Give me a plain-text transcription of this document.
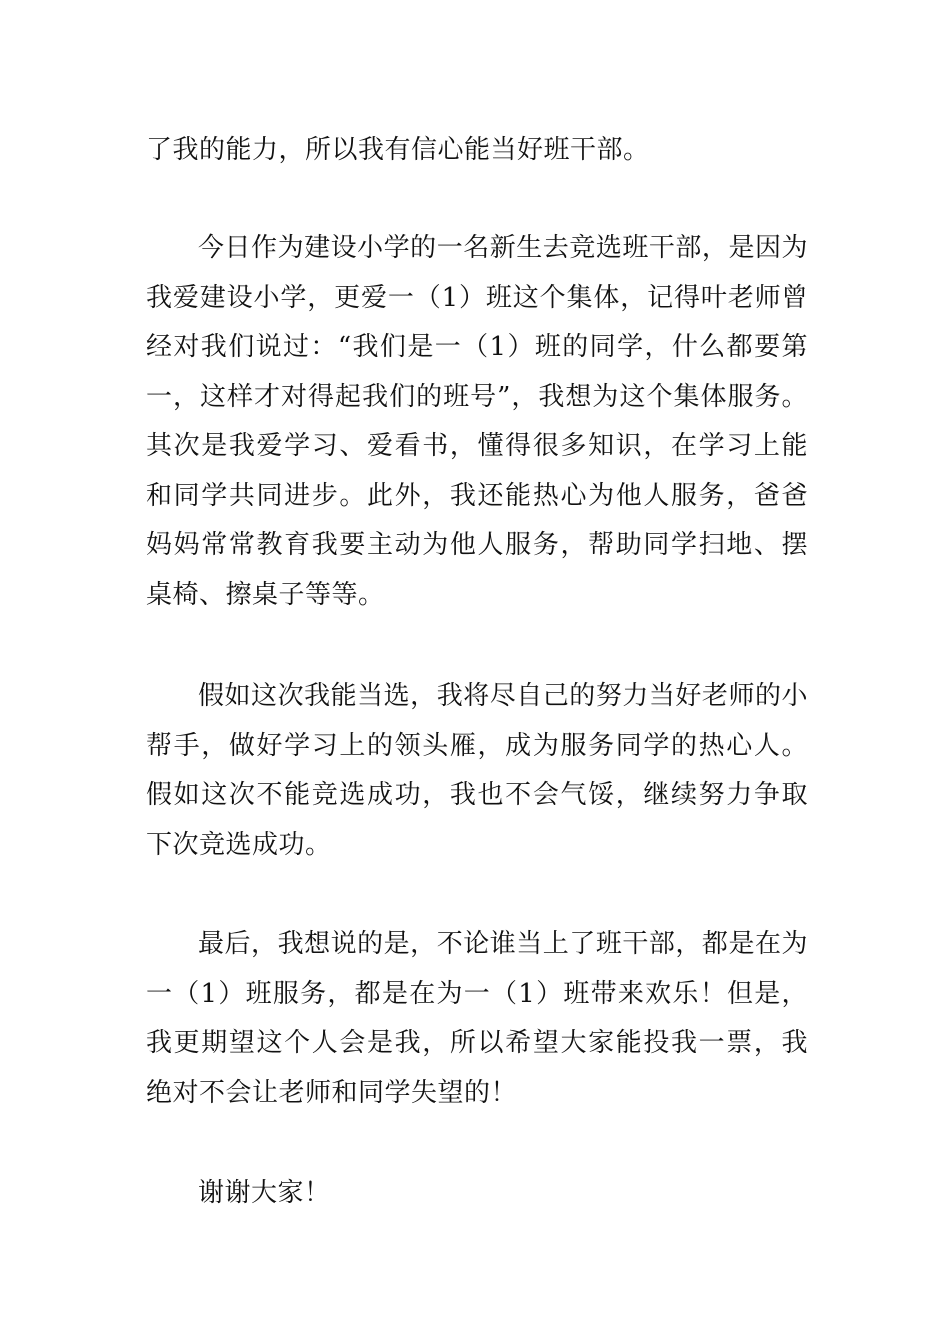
了我的能力，所以我有信心能当好班干部。

今日作为建设小学的一名新生去竞选班干部，是因为我爱建设小学，更爱一（1）班这个集体，记得叶老师曾经对我们说过：“我们是一（1）班的同学，什么都要第一，这样才对得起我们的班号”，我想为这个集体服务。其次是我爱学习、爱看书，懂得很多知识，在学习上能和同学共同进步。此外，我还能热心为他人服务，爸爸妈妈常常教育我要主动为他人服务，帮助同学扫地、摆桌椅、擦桌子等等。

假如这次我能当选，我将尽自己的努力当好老师的小帮手，做好学习上的领头雁，成为服务同学的热心人。假如这次不能竞选成功，我也不会气馁，继续努力争取下次竞选成功。

最后，我想说的是，不论谁当上了班干部，都是在为一（1）班服务，都是在为一（1）班带来欢乐！但是，我更期望这个人会是我，所以希望大家能投我一票，我绝对不会让老师和同学失望的！

谢谢大家！
